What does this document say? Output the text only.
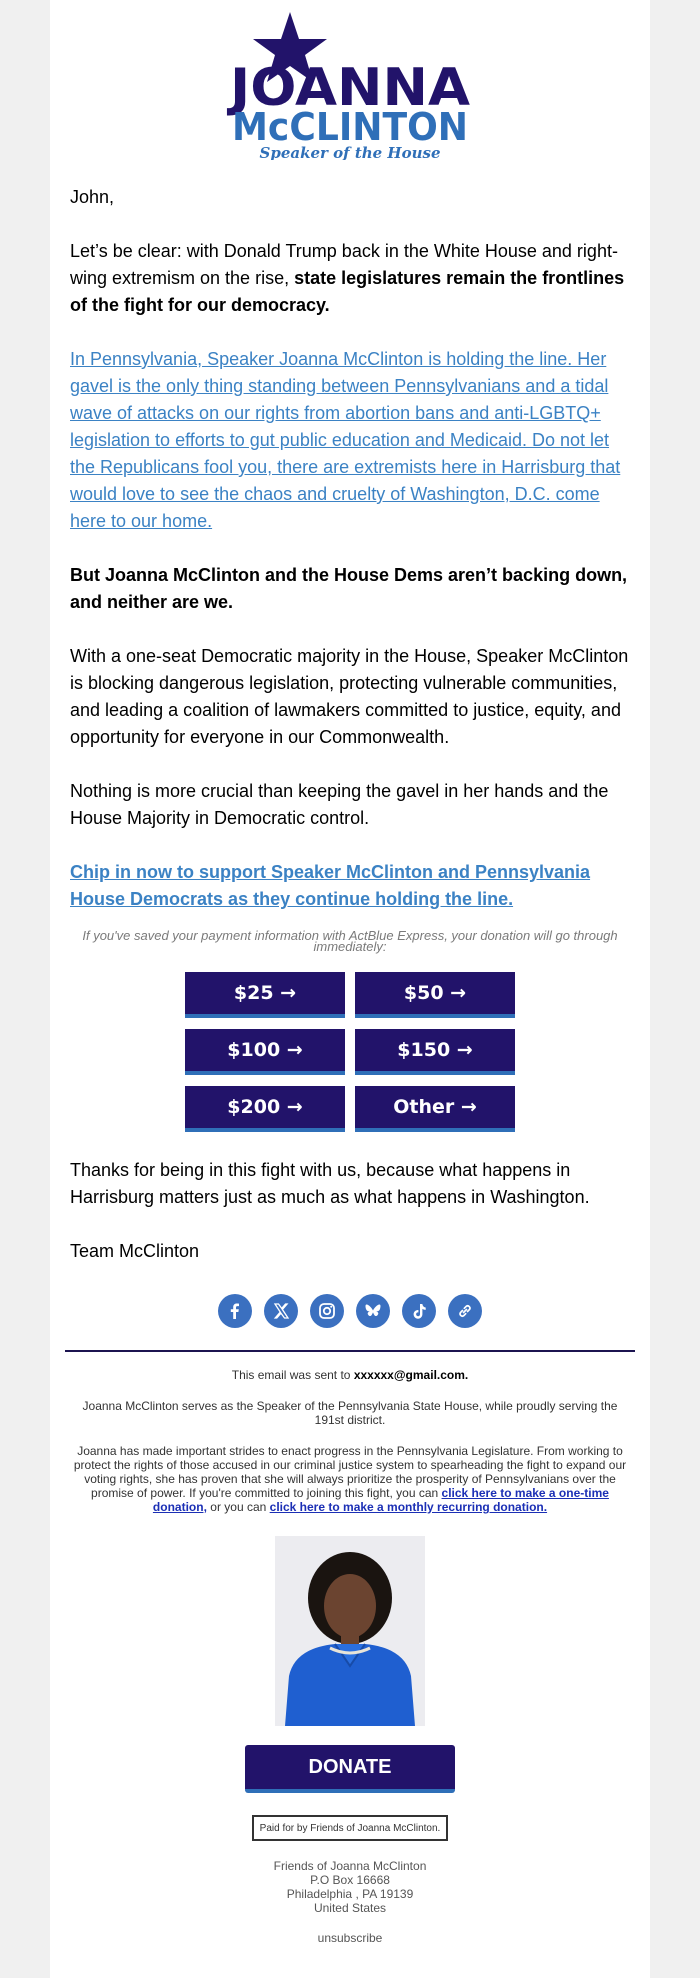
JOANNA
McCLINTON
Speaker of the House

John,

Let’s be clear: with Donald Trump back in the White House and right-wing extremism on the rise, state legislatures remain the frontlines of the fight for our democracy.

In Pennsylvania, Speaker Joanna McClinton is holding the line. Her gavel is the only thing standing between Pennsylvanians and a tidal wave of attacks on our rights from abortion bans and anti-LGBTQ+ legislation to efforts to gut public education and Medicaid. Do not let the Republicans fool you, there are extremists here in Harrisburg that would love to see the chaos and cruelty of Washington, D.C. come here to our home.

But Joanna McClinton and the House Dems aren’t backing down, and neither are we.

With a one-seat Democratic majority in the House, Speaker McClinton is blocking dangerous legislation, protecting vulnerable communities, and leading a coalition of lawmakers committed to justice, equity, and opportunity for everyone in our Commonwealth.

Nothing is more crucial than keeping the gavel in her hands and the House Majority in Democratic control.

Chip in now to support Speaker McClinton and Pennsylvania House Democrats as they continue holding the line.

If you've saved your payment information with ActBlue Express, your donation will go through immediately:
$25 →	$50 →
$100 →	$150 →
$200 →	Other →

Thanks for being in this fight with us, because what happens in Harrisburg matters just as much as what happens in Washington.

Team McClinton

This email was sent to xxxxxx@gmail.com.
Joanna McClinton serves as the Speaker of the Pennsylvania State House, while proudly serving the 191st district.
Joanna has made important strides to enact progress in the Pennsylvania Legislature. From working to protect the rights of those accused in our criminal justice system to spearheading the fight to expand our voting rights, she has proven that she will always prioritize the prosperity of Pennsylvanians over the promise of power. If you're committed to joining this fight, you can click here to make a one-time donation, or you can click here to make a monthly recurring donation.
DONATE
Paid for by Friends of Joanna McClinton.
Friends of Joanna McClinton
P.O Box 16668
Philadelphia , PA 19139
United States
unsubscribe
